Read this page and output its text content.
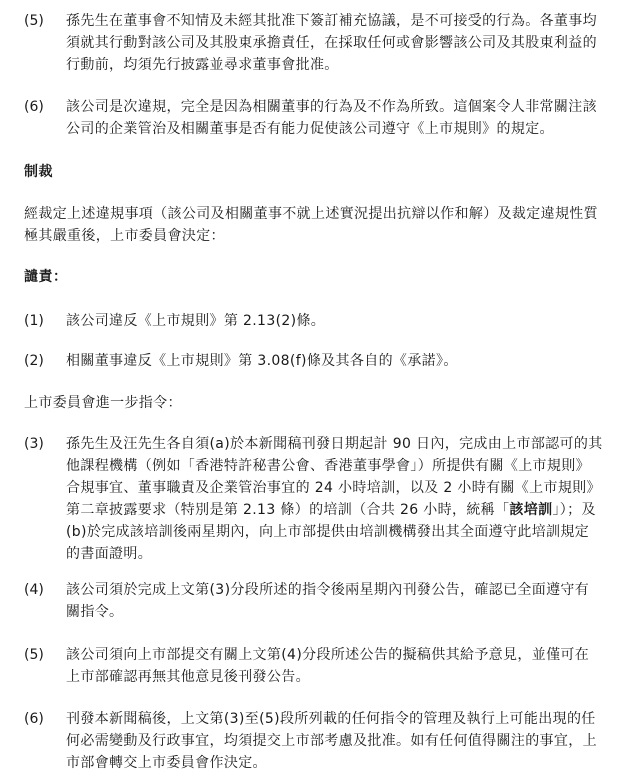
(5)	孫先生在董事會不知情及未經其批准下簽訂補充協議，是不可接受的行為。各董事均
須就其行動對該公司及其股東承擔責任，在採取任何或會影響該公司及其股東利益的
行動前，均須先行披露並尋求董事會批准。
(6)	該公司是次違規，完全是因為相關董事的行為及不作為所致。這個案令人非常關注該
公司的企業管治及相關董事是否有能力促使該公司遵守《上市規則》的規定。
制裁
經裁定上述違規事項（該公司及相關董事不就上述實況提出抗辯以作和解）及裁定違規性質
極其嚴重後，上市委員會決定：
譴責：
(1)	該公司違反《上市規則》第 2.13(2)條。
(2)	相關董事違反《上市規則》第 3.08(f)條及其各自的《承諾》。
上市委員會進一步指令：
(3)	孫先生及汪先生各自須(a)於本新聞稿刊發日期起計 90 日內，完成由上市部認可的其
他課程機構（例如「香港特許秘書公會、香港董事學會」）所提供有關《上市規則》
合規事宜、董事職責及企業管治事宜的 24 小時培訓，以及 2 小時有關《上市規則》
第二章披露要求（特別是第 2.13 條）的培訓（合共 26 小時，統稱「該培訓」）；及
(b)於完成該培訓後兩星期內，向上市部提供由培訓機構發出其全面遵守此培訓規定
的書面證明。
(4)	該公司須於完成上文第(3)分段所述的指令後兩星期內刊發公告，確認已全面遵守有
關指令。
(5)	該公司須向上市部提交有關上文第(4)分段所述公告的擬稿供其給予意見，並僅可在
上市部確認再無其他意見後刊發公告。
(6)	刊發本新聞稿後，上文第(3)至(5)段所列載的任何指令的管理及執行上可能出現的任
何必需變動及行政事宜，均須提交上市部考慮及批准。如有任何值得關注的事宜，上
市部會轉交上市委員會作決定。
